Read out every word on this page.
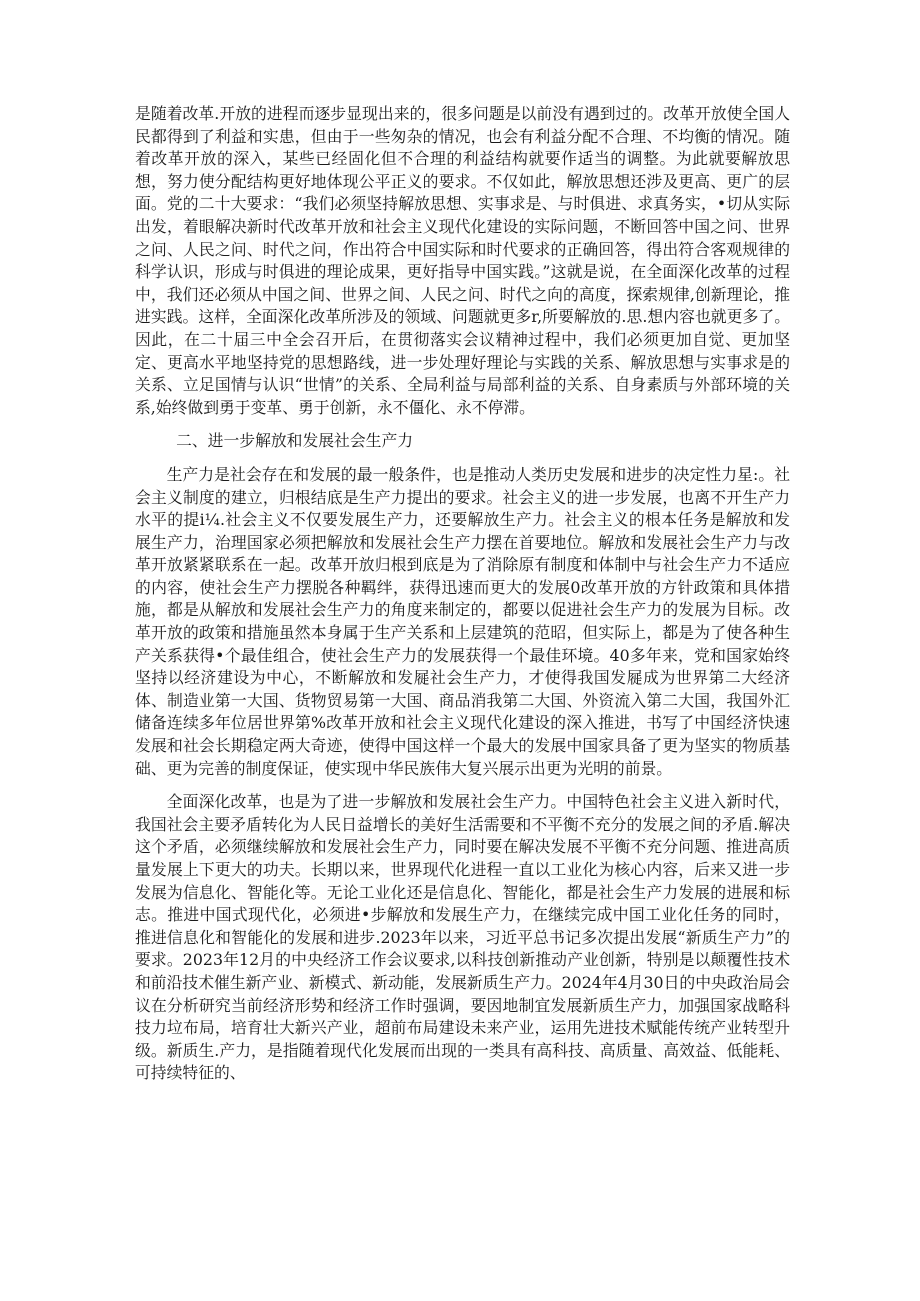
是随着改革.开放的进程而逐步显现出来的，很多问题是以前没有遇到过的。改革开放使全国人民都得到了利益和实患，但由于一些匆杂的情况，也会有利益分配不合理、不均衡的情况。随着改革开放的深入，某些已经固化但不合理的利益结构就要作适当的调整。为此就要解放思想，努力使分配结构更好地体现公平正义的要求。不仅如此，解放思想还涉及更高、更广的层面。党的二十大要求：“我们必须坚持解放思想、实事求是、与时俱进、求真务实，•切从实际出发，着眼解决新时代改革开放和社会主义现代化建设的实际问题，不断回答中国之问、世界之问、人民之问、时代之问，作出符合中国实际和时代要求的正确回答，得出符合客观规律的科学认识，形成与时俱进的理论成果，更好指导中国实践。”这就是说，在全面深化改革的过程中，我们还必须从中国之间、世界之间、人民之问、时代之向的高度，探索规律,创新理论，推进实践。这样，全面深化改革所涉及的领域、问题就更多r,所要解放的.思.想内容也就更多了。因此，在二十届三中全会召开后，在贯彻落实会议精神过程中，我们必须更加自觉、更加坚定、更高水平地坚持党的思想路线，进一步处理好理论与实践的关系、解放思想与实事求是的关系、立足国情与认识“世情”的关系、全局利益与局部利益的关系、自身素质与外部环境的关系,始终做到勇于变革、勇于创新，永不僵化、永不停滞。

二、进一步解放和发展社会生产力

生产力是社会存在和发展的最一般条件，也是推动人类历史发展和进步的决定性力星:。社会主义制度的建立，归根结底是生产力提出的要求。社会主义的进一步发展，也离不开生产力水平的提i¼.社会主义不仅要发展生产力，还要解放生产力。社会主义的根本任务是解放和发展生产力，治理国家必须把解放和发展社会生产力摆在首要地位。解放和发展社会生产力与改革开放紧紧联系在一起。改革开放归根到底是为了消除原有制度和体制中与社会生产力不适应的内容，使社会生产力摆脱各种羁绊，获得迅速而更大的发展0改革开放的方针政策和具体措施，都是从解放和发展社会生产力的角度来制定的，都要以促进社会生产力的发展为目标。改革开放的政策和措施虽然本身属于生产关系和上层建筑的范昭，但实际上，都是为了使各种生产关系获得•个最佳组合，使社会生产力的发展获得一个最佳环境。40多年来，党和国家始终坚持以经济建设为中心，不断解放和发屣社会生产力，才使得我国发屣成为世界第二大经济体、制造业第一大国、货物贸易第一大国、商品消我第二大国、外资流入第二大国，我国外汇储备连续多年位居世界第%改革开放和社会主义现代化建设的深入推进，书写了中国经济快速发展和社会长期稳定两大奇迹，使得中国这样一个最大的发展中国家具备了更为坚实的物质基础、更为完善的制度保证，使实现中华民族伟大复兴展示出更为光明的前景。

全面深化改革，也是为了进一步解放和发展社会生产力。中国特色社会主义进入新时代，我国社会主要矛盾转化为人民日益增长的美好生活需要和不平衡不充分的发展之间的矛盾.解决这个矛盾，必须继续解放和发展社会生产力，同时要在解决发展不平衡不充分问题、推进高质量发展上下更大的功夫。长期以来，世界现代化进程一直以工业化为核心内容，后来又进一步发展为信息化、智能化等。无论工业化还是信息化、智能化，都是社会生产力发展的进展和标志。推进中国式现代化，必须进•步解放和发展生产力，在继续完成中国工业化任务的同时，推进信息化和智能化的发展和进步.2023年以来，习近平总书记多次提出发展“新质生产力”的要求。2023年12月的中央经济工作会议要求,以科技创新推动产业创新，特别是以颠覆性技术和前沿技术催生新产业、新模式、新动能，发展新质生产力。2024年4月30日的中央政治局会议在分析研究当前经济形势和经济工作时强调，要因地制宜发展新质生产力，加强国家战略科技力垃布局，培育壮大新兴产业，超前布局建设未来产业，运用先进技术赋能传统产业转型升级。新质生.产力，是指随着现代化发展而出现的一类具有高科技、高质量、高效益、低能耗、可持续特征的、
